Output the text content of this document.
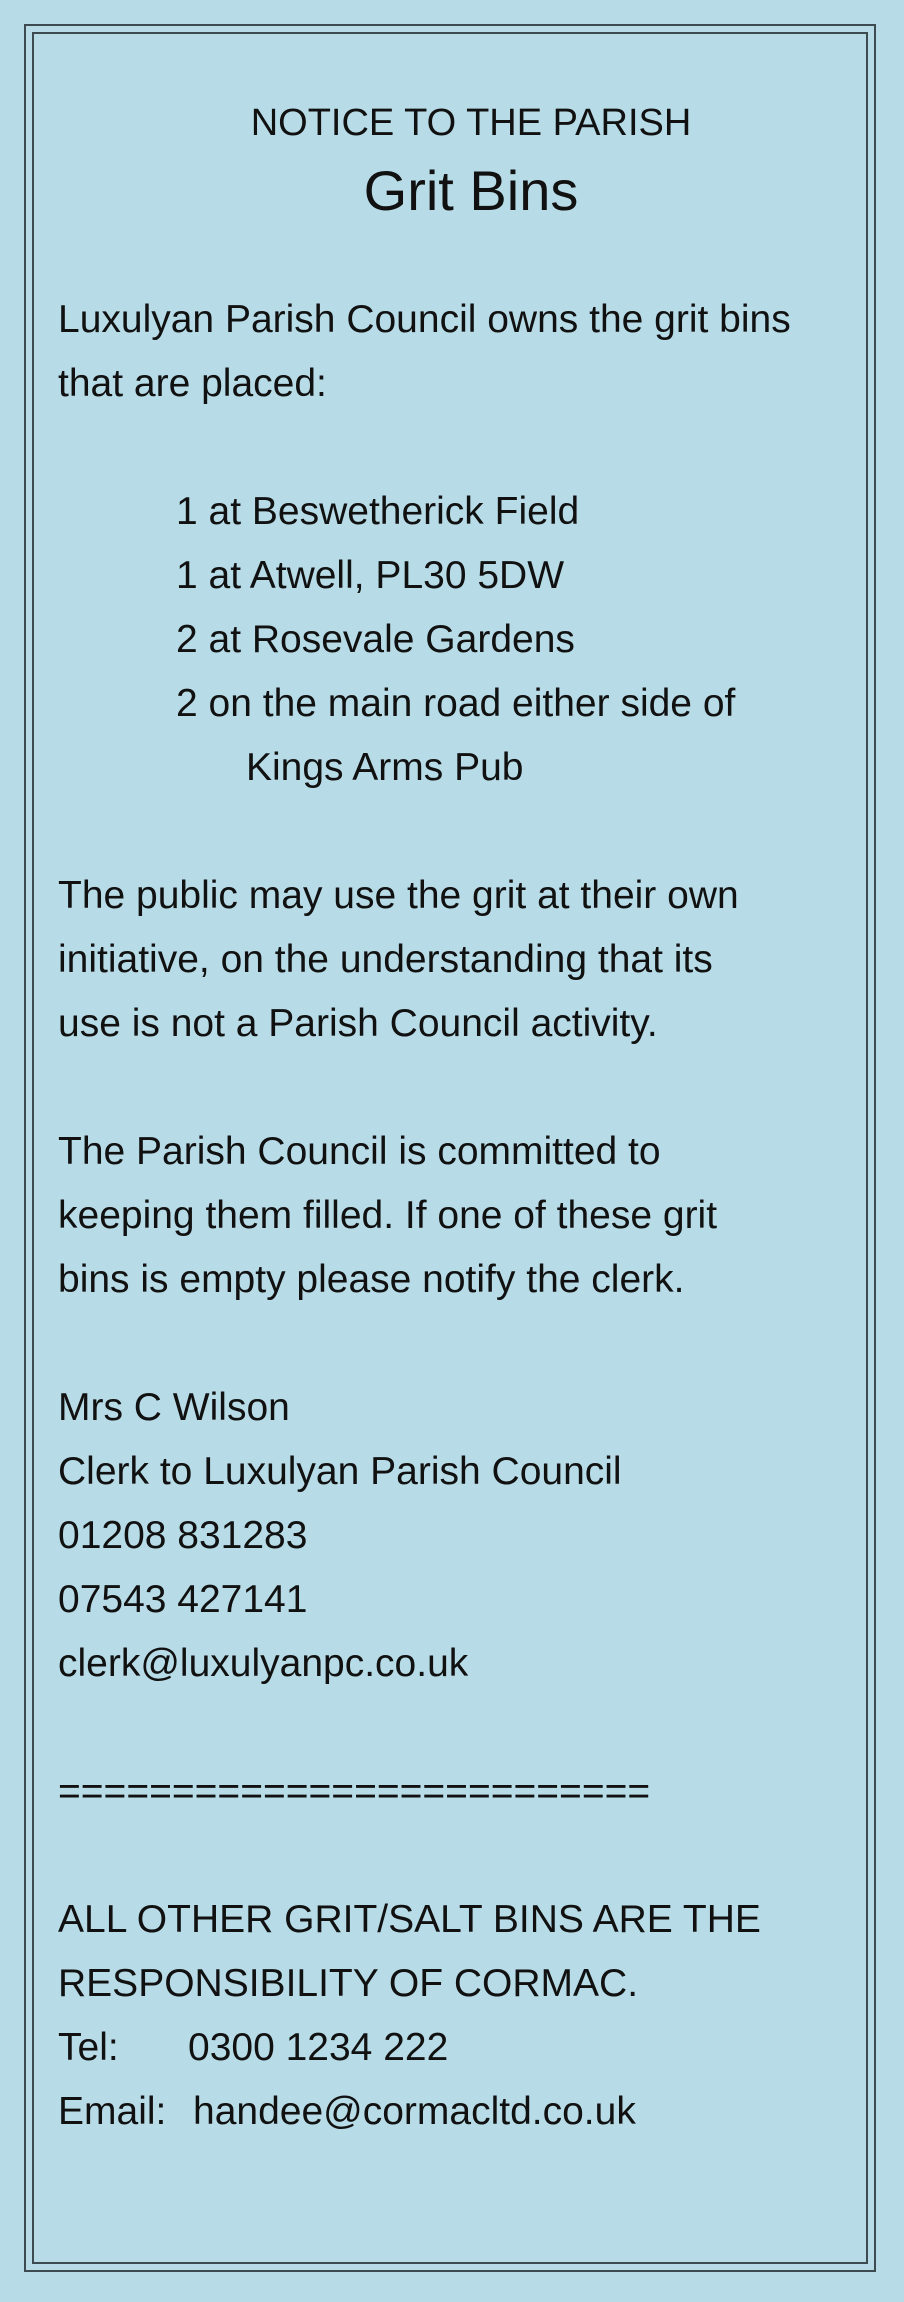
NOTICE TO THE PARISH
Grit Bins
Luxulyan Parish Council owns the grit bins
that are placed:
1 at Beswetherick Field
1 at Atwell, PL30 5DW
2 at Rosevale Gardens
2 on the main road either side of
Kings Arms Pub
The public may use the grit at their own
initiative, on the understanding that its
use is not a Parish Council activity.
The Parish Council is committed to
keeping them filled. If one of these grit
bins is empty please notify the clerk.
Mrs C Wilson
Clerk to Luxulyan Parish Council
01208 831283
07543 427141
clerk@luxulyanpc.co.uk
==========================
ALL OTHER GRIT/SALT BINS ARE THE
RESPONSIBILITY OF CORMAC.
Tel: 0300 1234 222
Email: handee@cormacltd.co.uk
